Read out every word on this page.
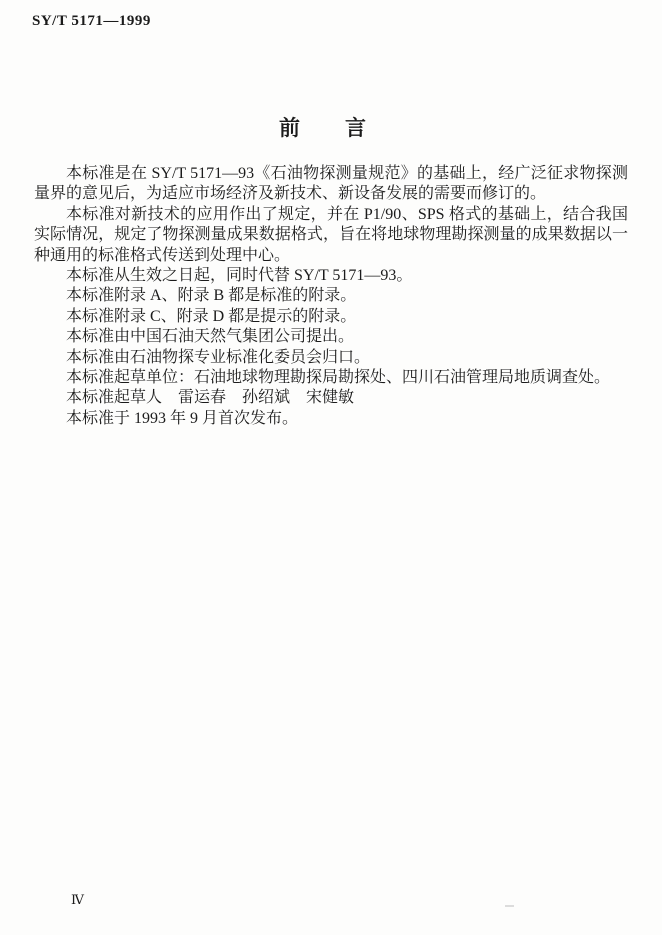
SY/T 5171—1999
前　　言

本标准是在 SY/T 5171—93《石油物探测量规范》的基础上，经广泛征求物探测量界的意见后，为适应市场经济及新技术、新设备发展的需要而修订的。

本标准对新技术的应用作出了规定，并在 P1/90、SPS 格式的基础上，结合我国实际情况，规定了物探测量成果数据格式，旨在将地球物理勘探测量的成果数据以一种通用的标准格式传送到处理中心。

本标准从生效之日起，同时代替 SY/T 5171—93。

本标准附录 A、附录 B 都是标准的附录。

本标准附录 C、附录 D 都是提示的附录。

本标准由中国石油天然气集团公司提出。

本标准由石油物探专业标准化委员会归口。

本标准起草单位：石油地球物理勘探局勘探处、四川石油管理局地质调查处。

本标准起草人　雷运春　孙绍斌　宋健敏

本标准于 1993 年 9 月首次发布。

Ⅳ
